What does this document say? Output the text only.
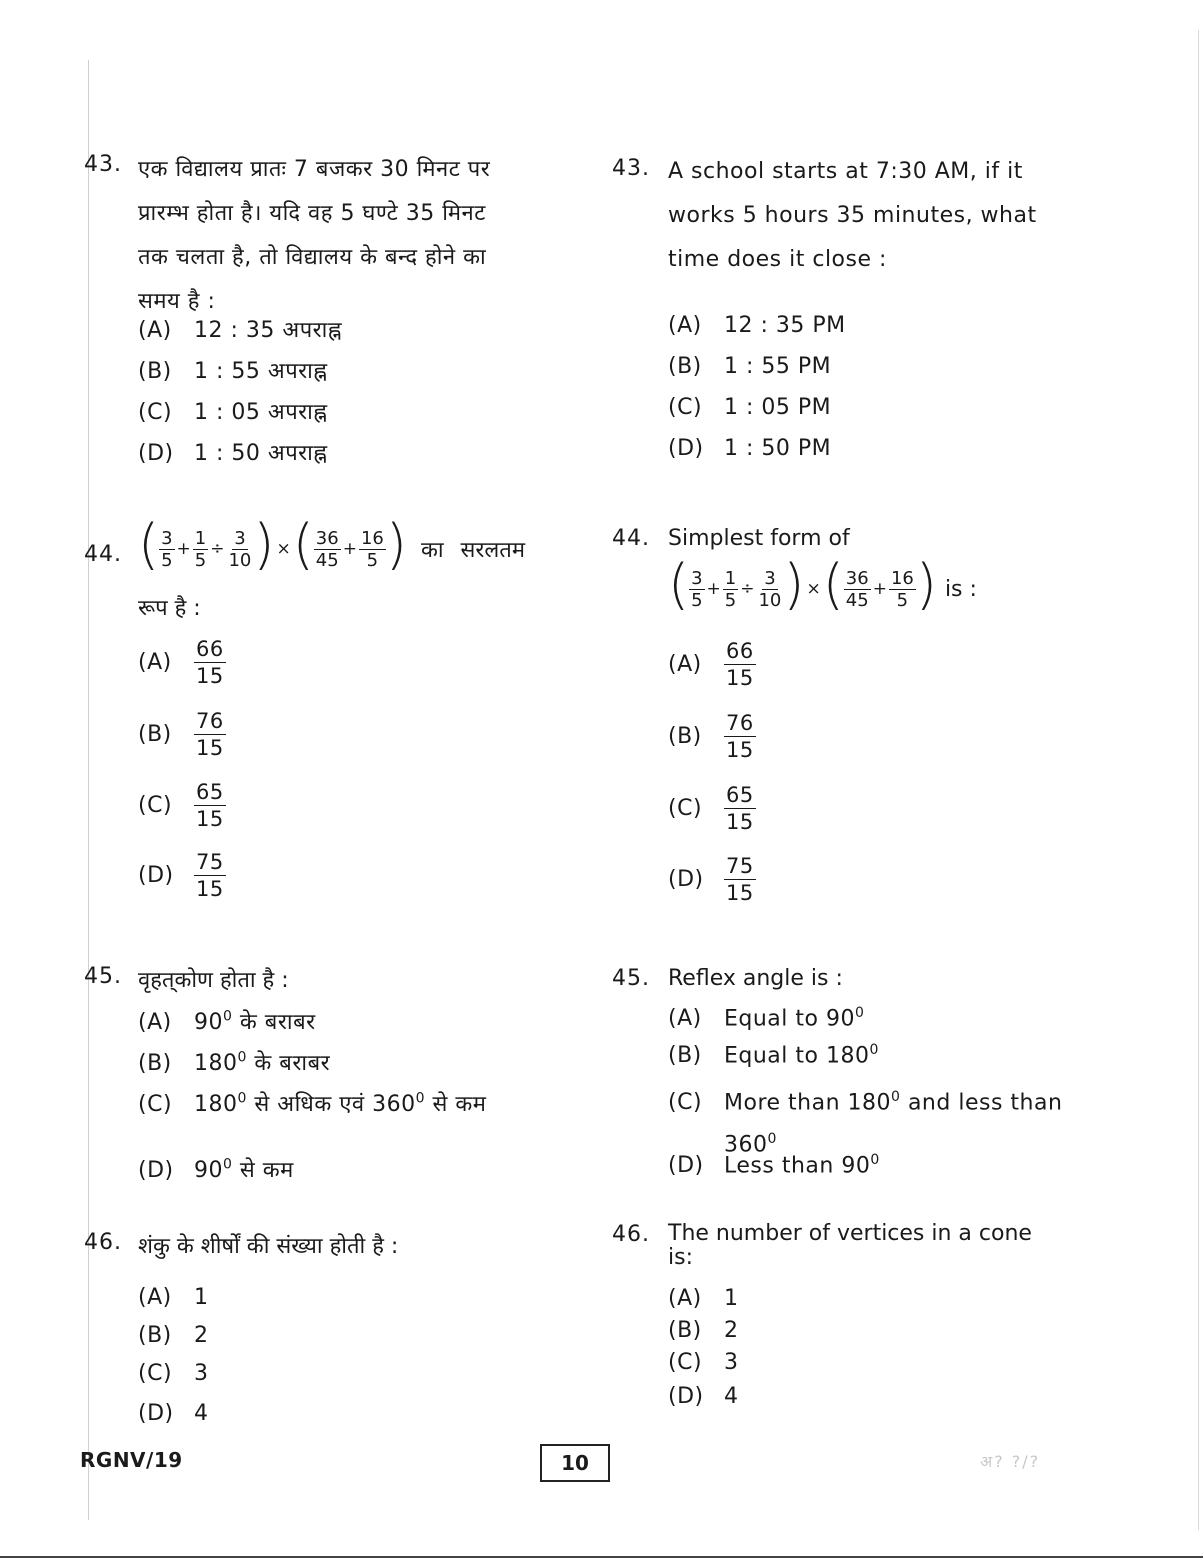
43. एक विद्यालय प्रातः 7 बजकर 30 मिनट पर
प्रारम्भ होता है। यदि वह 5 घण्टे 35 मिनट
तक चलता है, तो विद्यालय के बन्द होने का
समय है :
(A) 12 : 35 अपराह्न
(B) 1 : 55 अपराह्न
(C) 1 : 05 अपराह्न
(D) 1 : 50 अपराह्न
44. ( $\frac{3}{5} + \frac{1}{5} \div \frac{3}{10}$ ) × ( $\frac{36}{45} + \frac{16}{5}$ ) का सरलतम
रूप है :
$(A) \frac{66}{15}$
$(B) \frac{76}{15}$
$(C) \frac{65}{15}$
$(D) \frac{75}{15}$
45. वृहत्‌कोण होता है :
(A) $90^0$ के बराबर
(B) $180^0$ के बराबर
(C) $180^0$ से अधिक एवं $360^0$ से कम
(D) $90^0$ से कम
46. शंकु के शीर्षों की संख्या होती है :
(A) 1
(B) 2
(C) 3
(D) 4
43. A school starts at 7:30 AM, if it
works 5 hours 35 minutes, what
time does it close :
(A) 12 : 35 PM
(B) 1 : 55 PM
(C) 1 : 05 PM
(D) 1 : 50 PM
44. Simplest form of
( $\frac{3}{5} + \frac{1}{5} \div \frac{3}{10}$ ) × ( $\frac{36}{45} + \frac{16}{5}$ ) is :
$(A) \frac{66}{15}$
$(B) \frac{76}{15}$
$(C) \frac{65}{15}$
$(D) \frac{75}{15}$
45. Reflex angle is :
(A) Equal to $90^0$
(B) Equal to $180^0$
(C) More than $180^0$ and less than
$360^0$
(D) Less than $90^0$
46. The number of vertices in a cone
is:
(A) 1
(B) 2
(C) 3
(D) 4
RGNV/19	10	अ? ?/?
